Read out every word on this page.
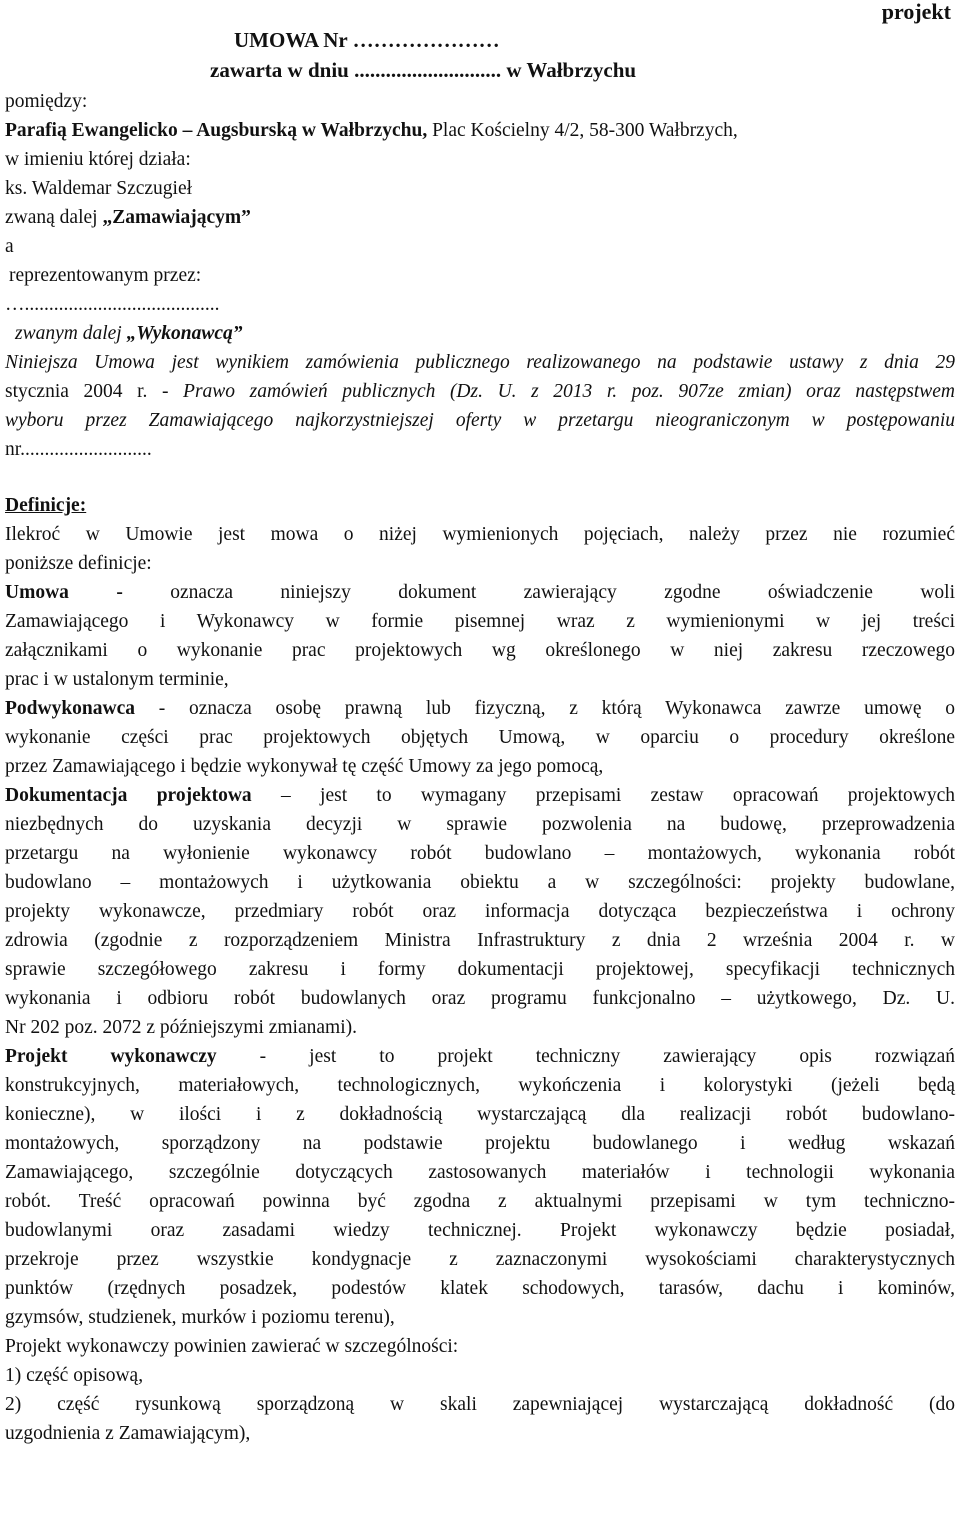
projekt
UMOWA Nr …………………
zawarta w dniu ............................ w Wałbrzychu
pomiędzy:
Parafią Ewangelicko – Augsburską w Wałbrzychu, Plac Kościelny 4/2, 58-300 Wałbrzych,
w imieniu której działa:
ks. Waldemar Szczugieł
zwaną dalej „Zamawiającym”
a
reprezentowanym przez:
…........................................
zwanym dalej „Wykonawcą”
Niniejsza Umowa jest wynikiem zamówienia publicznego realizowanego na podstawie ustawy z dnia 29
stycznia 2004 r. - Prawo zamówień publicznych (Dz. U. z 2013 r. poz. 907ze zmian) oraz następstwem
wyboru przez Zamawiającego najkorzystniejszej oferty w przetargu nieograniczonym w postępowaniu
nr...........................
Definicje:
Ilekroć w Umowie jest mowa o niżej wymienionych pojęciach, należy przez nie rozumieć
poniższe definicje:
Umowa - oznacza niniejszy dokument zawierający zgodne oświadczenie woli
Zamawiającego i Wykonawcy w formie pisemnej wraz z wymienionymi w jej treści
załącznikami o wykonanie prac projektowych wg określonego w niej zakresu rzeczowego
prac i w ustalonym terminie,
Podwykonawca - oznacza osobę prawną lub fizyczną, z którą Wykonawca zawrze umowę o
wykonanie części prac projektowych objętych Umową, w oparciu o procedury określone
przez Zamawiającego i będzie wykonywał tę część Umowy za jego pomocą,
Dokumentacja projektowa – jest to wymagany przepisami zestaw opracowań projektowych
niezbędnych do uzyskania decyzji w sprawie pozwolenia na budowę, przeprowadzenia
przetargu na wyłonienie wykonawcy robót budowlano – montażowych, wykonania robót
budowlano – montażowych i użytkowania obiektu a w szczególności: projekty budowlane,
projekty wykonawcze, przedmiary robót oraz informacja dotycząca bezpieczeństwa i ochrony
zdrowia (zgodnie z rozporządzeniem Ministra Infrastruktury z dnia 2 września 2004 r. w
sprawie szczegółowego zakresu i formy dokumentacji projektowej, specyfikacji technicznych
wykonania i odbioru robót budowlanych oraz programu funkcjonalno – użytkowego, Dz. U.
Nr 202 poz. 2072 z późniejszymi zmianami).
Projekt wykonawczy - jest to projekt techniczny zawierający opis rozwiązań
konstrukcyjnych, materiałowych, technologicznych, wykończenia i kolorystyki (jeżeli będą
konieczne), w ilości i z dokładnością wystarczającą dla realizacji robót budowlano-
montażowych, sporządzony na podstawie projektu budowlanego i według wskazań
Zamawiającego, szczególnie dotyczących zastosowanych materiałów i technologii wykonania
robót. Treść opracowań powinna być zgodna z aktualnymi przepisami w tym techniczno-
budowlanymi oraz zasadami wiedzy technicznej. Projekt wykonawczy będzie posiadał,
przekroje przez wszystkie kondygnacje z zaznaczonymi wysokościami charakterystycznych
punktów (rzędnych posadzek, podestów klatek schodowych, tarasów, dachu i kominów,
gzymsów, studzienek, murków i poziomu terenu),
Projekt wykonawczy powinien zawierać w szczególności:
1) część opisową,
2) część rysunkową sporządzoną w skali zapewniającej wystarczającą dokładność (do
uzgodnienia z Zamawiającym),
